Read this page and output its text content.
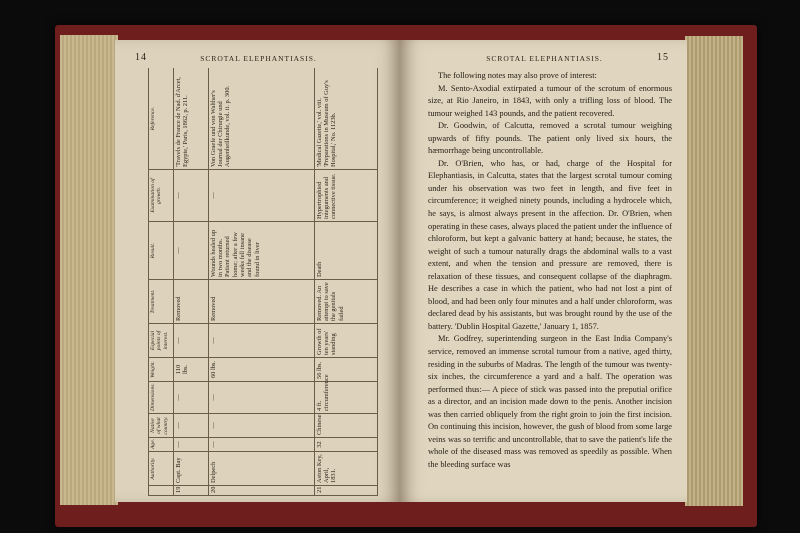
14	SCROTAL ELEPHANTIASIS.
	Authority.	Age.	Native of what country.	Dimensions.	Weight.	Especial points of interest.	Treatment.	Result.	Examination of growth.	Reference.
19	Capt. Bay	—	—	—	110 lbs.	—	Removed	—	—	'Travels de France de Nad. d'Arcet, Egypte,' Paris, 1862, p. 211.
20	Delpech	—	—	—	60 lbs.	—	Removed	Wounds healed up in two months. Patient returned home; after a few weeks fell insane and the disease found in liver	—	Von Graefe und von Walther's Journal der Chirurgie und Augenheilkunde, vol. ii. p. 300.
21	Aston Key, April, 1831.	32	Chinese	4 ft. circumference	56 lbs.	Growth of ten years' standing	Removed. An attempt to save the genitals failed	Death	Hypertrophied integuments and connective tissue.	'Medical Gazette,' vol. viii. 'Preparations in Museum of Guy's Hospital,' No. 1123b.
SCROTAL ELEPHANTIASIS.	15

The following notes may also prove of interest:

M. Sento-Axodial extirpated a tumour of the scrotum of enormous size, at Rio Janeiro, in 1843, with only a trifling loss of blood. The tumour weighed 143 pounds, and the patient recovered.

Dr. Goodwin, of Calcutta, removed a scrotal tumour weighing upwards of fifty pounds. The patient only lived six hours, the hæmorrhage being uncontrollable.

Dr. O'Brien, who has, or had, charge of the Hospital for Elephantiasis, in Calcutta, states that the largest scrotal tumour coming under his observation was two feet in length, and five feet in circumference; it weighed ninety pounds, including a hydrocele which, he says, is almost always present in the affection. Dr. O'Brien, when operating in these cases, always placed the patient under the influence of chloroform, but kept a galvanic battery at hand; because, he states, the weight of such a tumour naturally drags the abdominal walls to a vast extent, and when the tension and pressure are removed, there is relaxation of these tissues, and consequent collapse of the diaphragm. He describes a case in which the patient, who had not lost a pint of blood, and had been only four minutes and a half under chloroform, was declared dead by his assistants, but was brought round by the use of the battery. 'Dublin Hospital Gazette,' January 1, 1857.

Mr. Godfrey, superintending surgeon in the East India Company's service, removed an immense scrotal tumour from a native, aged thirty, residing in the suburbs of Madras. The length of the tumour was twenty-six inches, the circumference a yard and a half. The operation was performed thus:— A piece of stick was passed into the preputial orifice as a director, and an incision made down to the penis. Another incision was then carried obliquely from the right groin to join the first incision. On continuing this incision, however, the gush of blood from some large veins was so terrific and uncontrollable, that to save the patient's life the whole of the diseased mass was removed as speedily as possible. When the bleeding surface was
